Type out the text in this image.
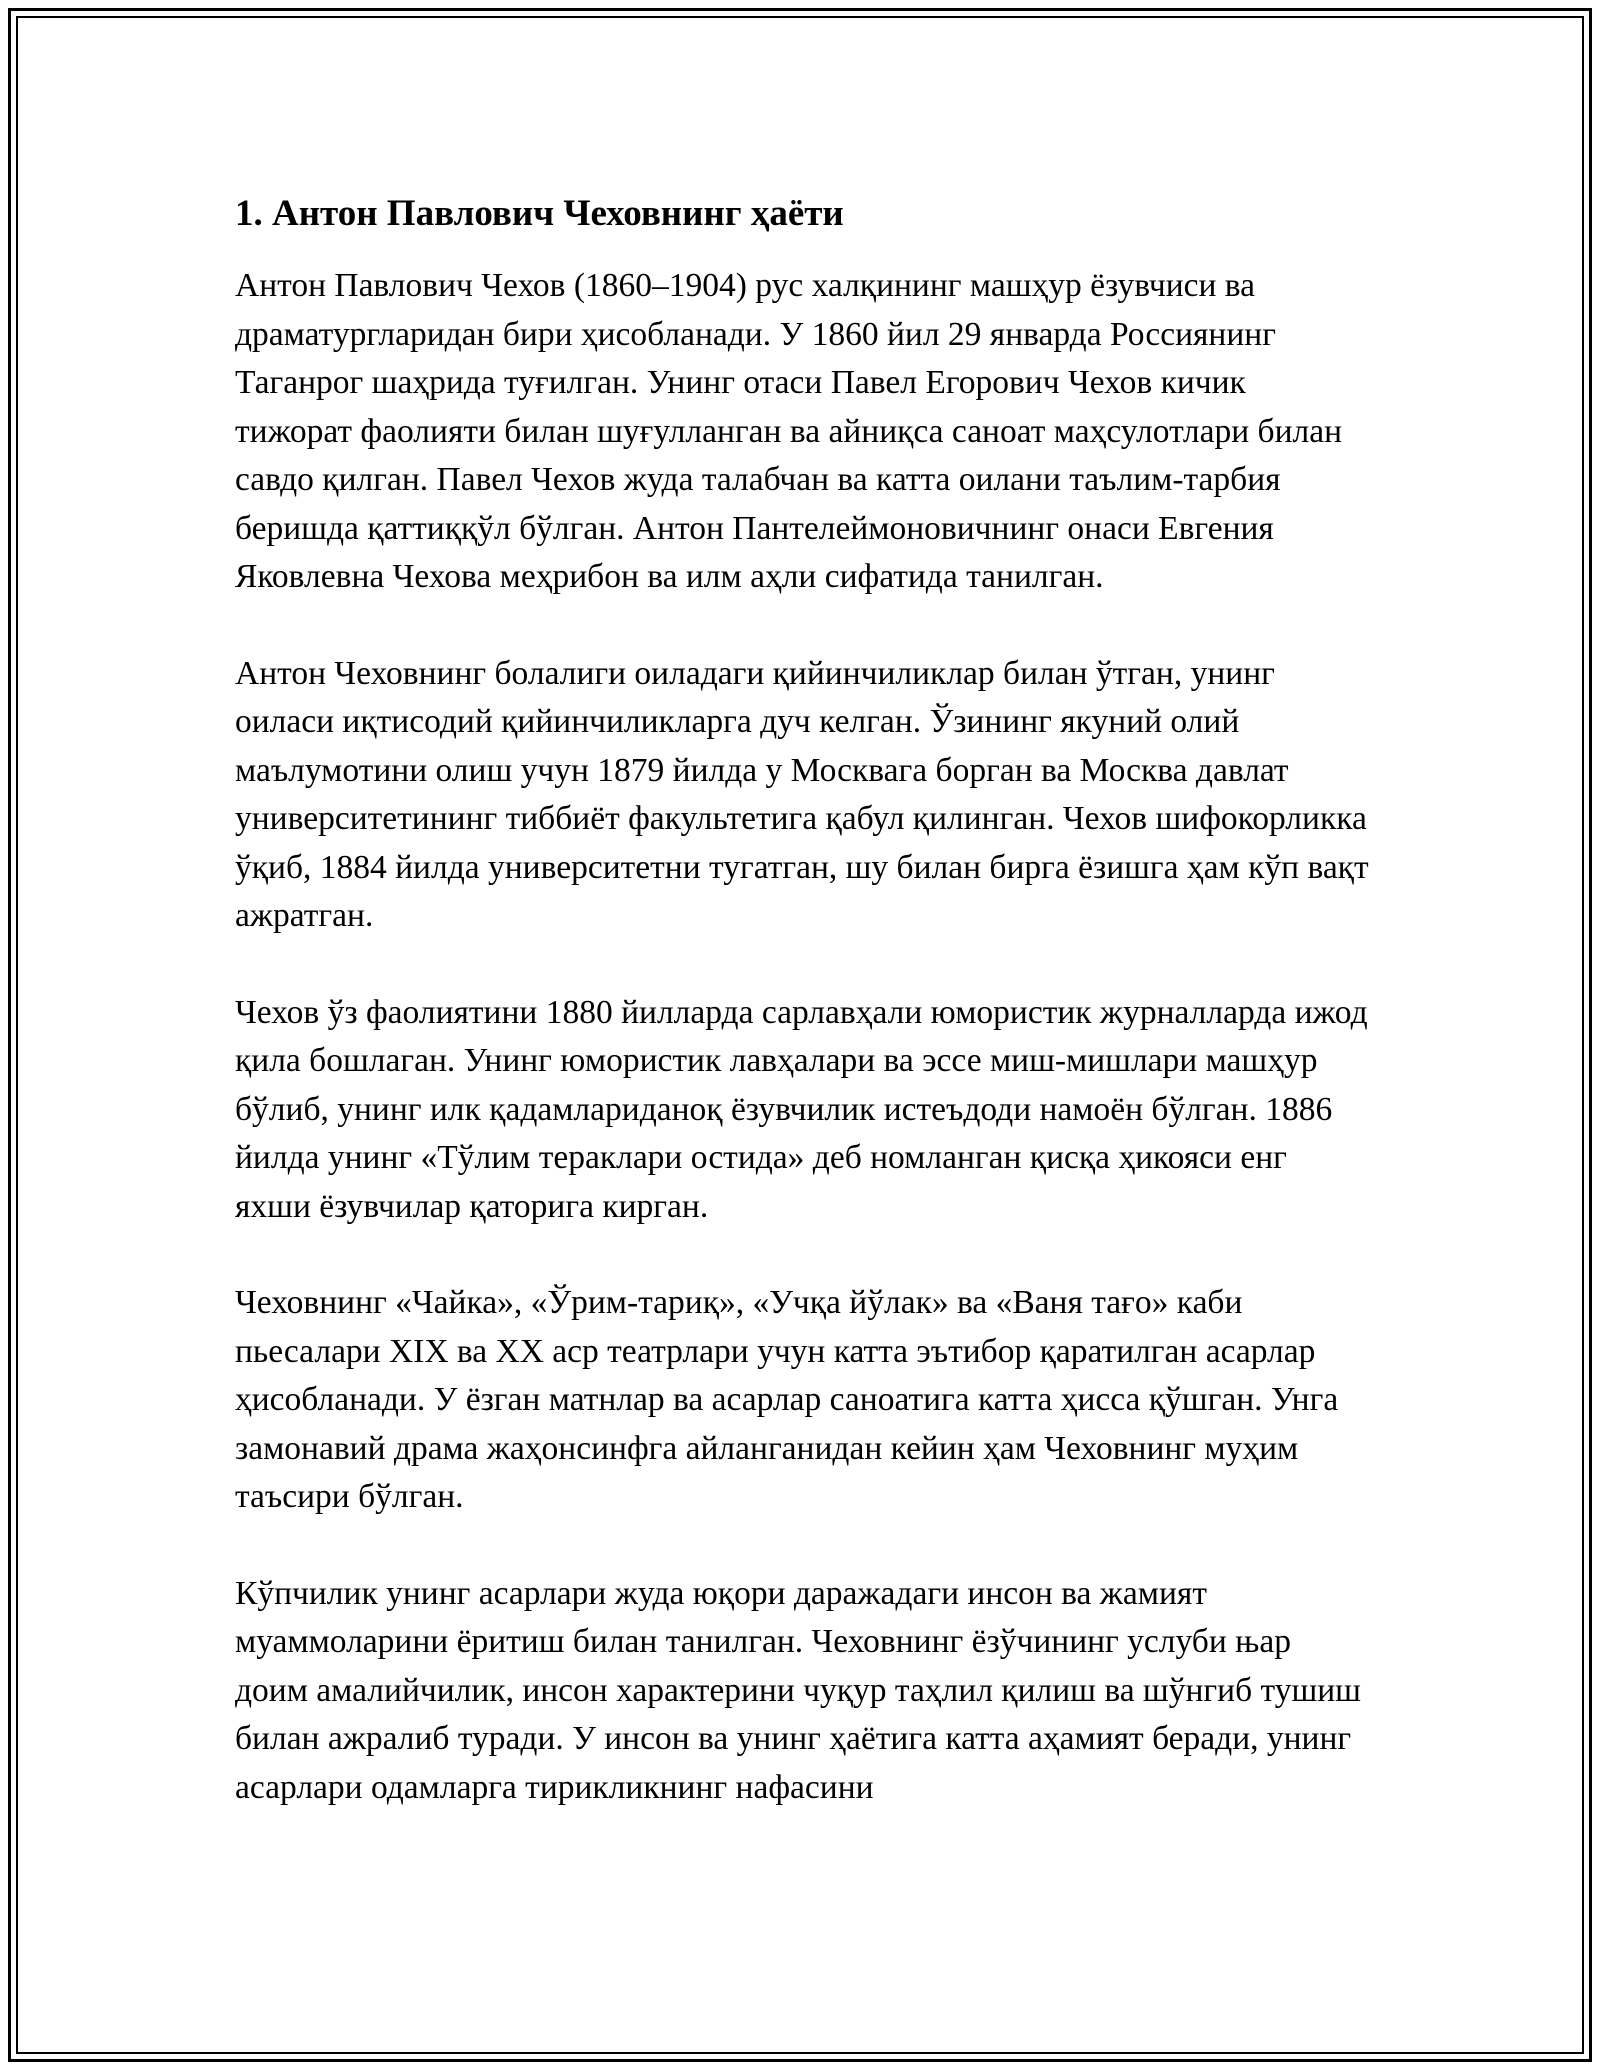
1. Антон Павлович Чеховнинг ҳаёти

Антон Павлович Чехов (1860–1904) рус халқининг машҳур ёзувчиси ва драматургларидан бири ҳисобланади. У 1860 йил 29 январда Россиянинг Таганрог шаҳрида туғилган. Унинг отаси Павел Егорович Чехов кичик тижорат фаолияти билан шуғулланган ва айниқса саноат маҳсулотлари билан савдо қилган. Павел Чехов жуда талабчан ва катта оилани таълим-тарбия беришда қаттиққўл бўлган. Антон Пантелеймоновичнинг онаси Евгения Яковлевна Чехова меҳрибон ва илм аҳли сифатида танилган.

Антон Чеховнинг болалиги оиладаги қийинчиликлар билан ўтган, унинг оиласи иқтисодий қийинчиликларга дуч келган. Ўзининг якуний олий маълумотини олиш учун 1879 йилда у Москвага борган ва Москва давлат университетининг тиббиёт факультетига қабул қилинган. Чехов шифокорликка ўқиб, 1884 йилда университетни тугатган, шу билан бирга ёзишга ҳам кўп вақт ажратган.

Чехов ўз фаолиятини 1880 йилларда сарлавҳали юмористик журналларда ижод қила бошлаган. Унинг юмористик лавҳалари ва эссе миш-мишлари машҳур бўлиб, унинг илк қадамлариданоқ ёзувчилик истеъдоди намоён бўлган. 1886 йилда унинг «Тўлим тераклари остида» деб номланган қисқа ҳикояси енг яхши ёзувчилар қаторига кирган.

Чеховнинг «Чайка», «Ўрим-тариқ», «Учқа йўлак» ва «Ваня тағо» каби пьесалари XIX ва XX аср театрлари учун катта эътибор қаратилган асарлар ҳисобланади. У ёзган матнлар ва асарлар саноатига катта ҳисса қўшган. Унга замонавий драма жаҳонсинфга айланганидан кейин ҳам Чеховнинг муҳим таъсири бўлган.

Кўпчилик унинг асарлари жуда юқори даражадаги инсон ва жамият муаммоларини ёритиш билан танилган. Чеховнинг ёзўчининг услуби њар доим амалийчилик, инсон характерини чуқур таҳлил қилиш ва шўнгиб тушиш билан ажралиб туради. У инсон ва унинг ҳаётига катта аҳамият беради, унинг асарлари одамларга тирикликнинг нафасини
